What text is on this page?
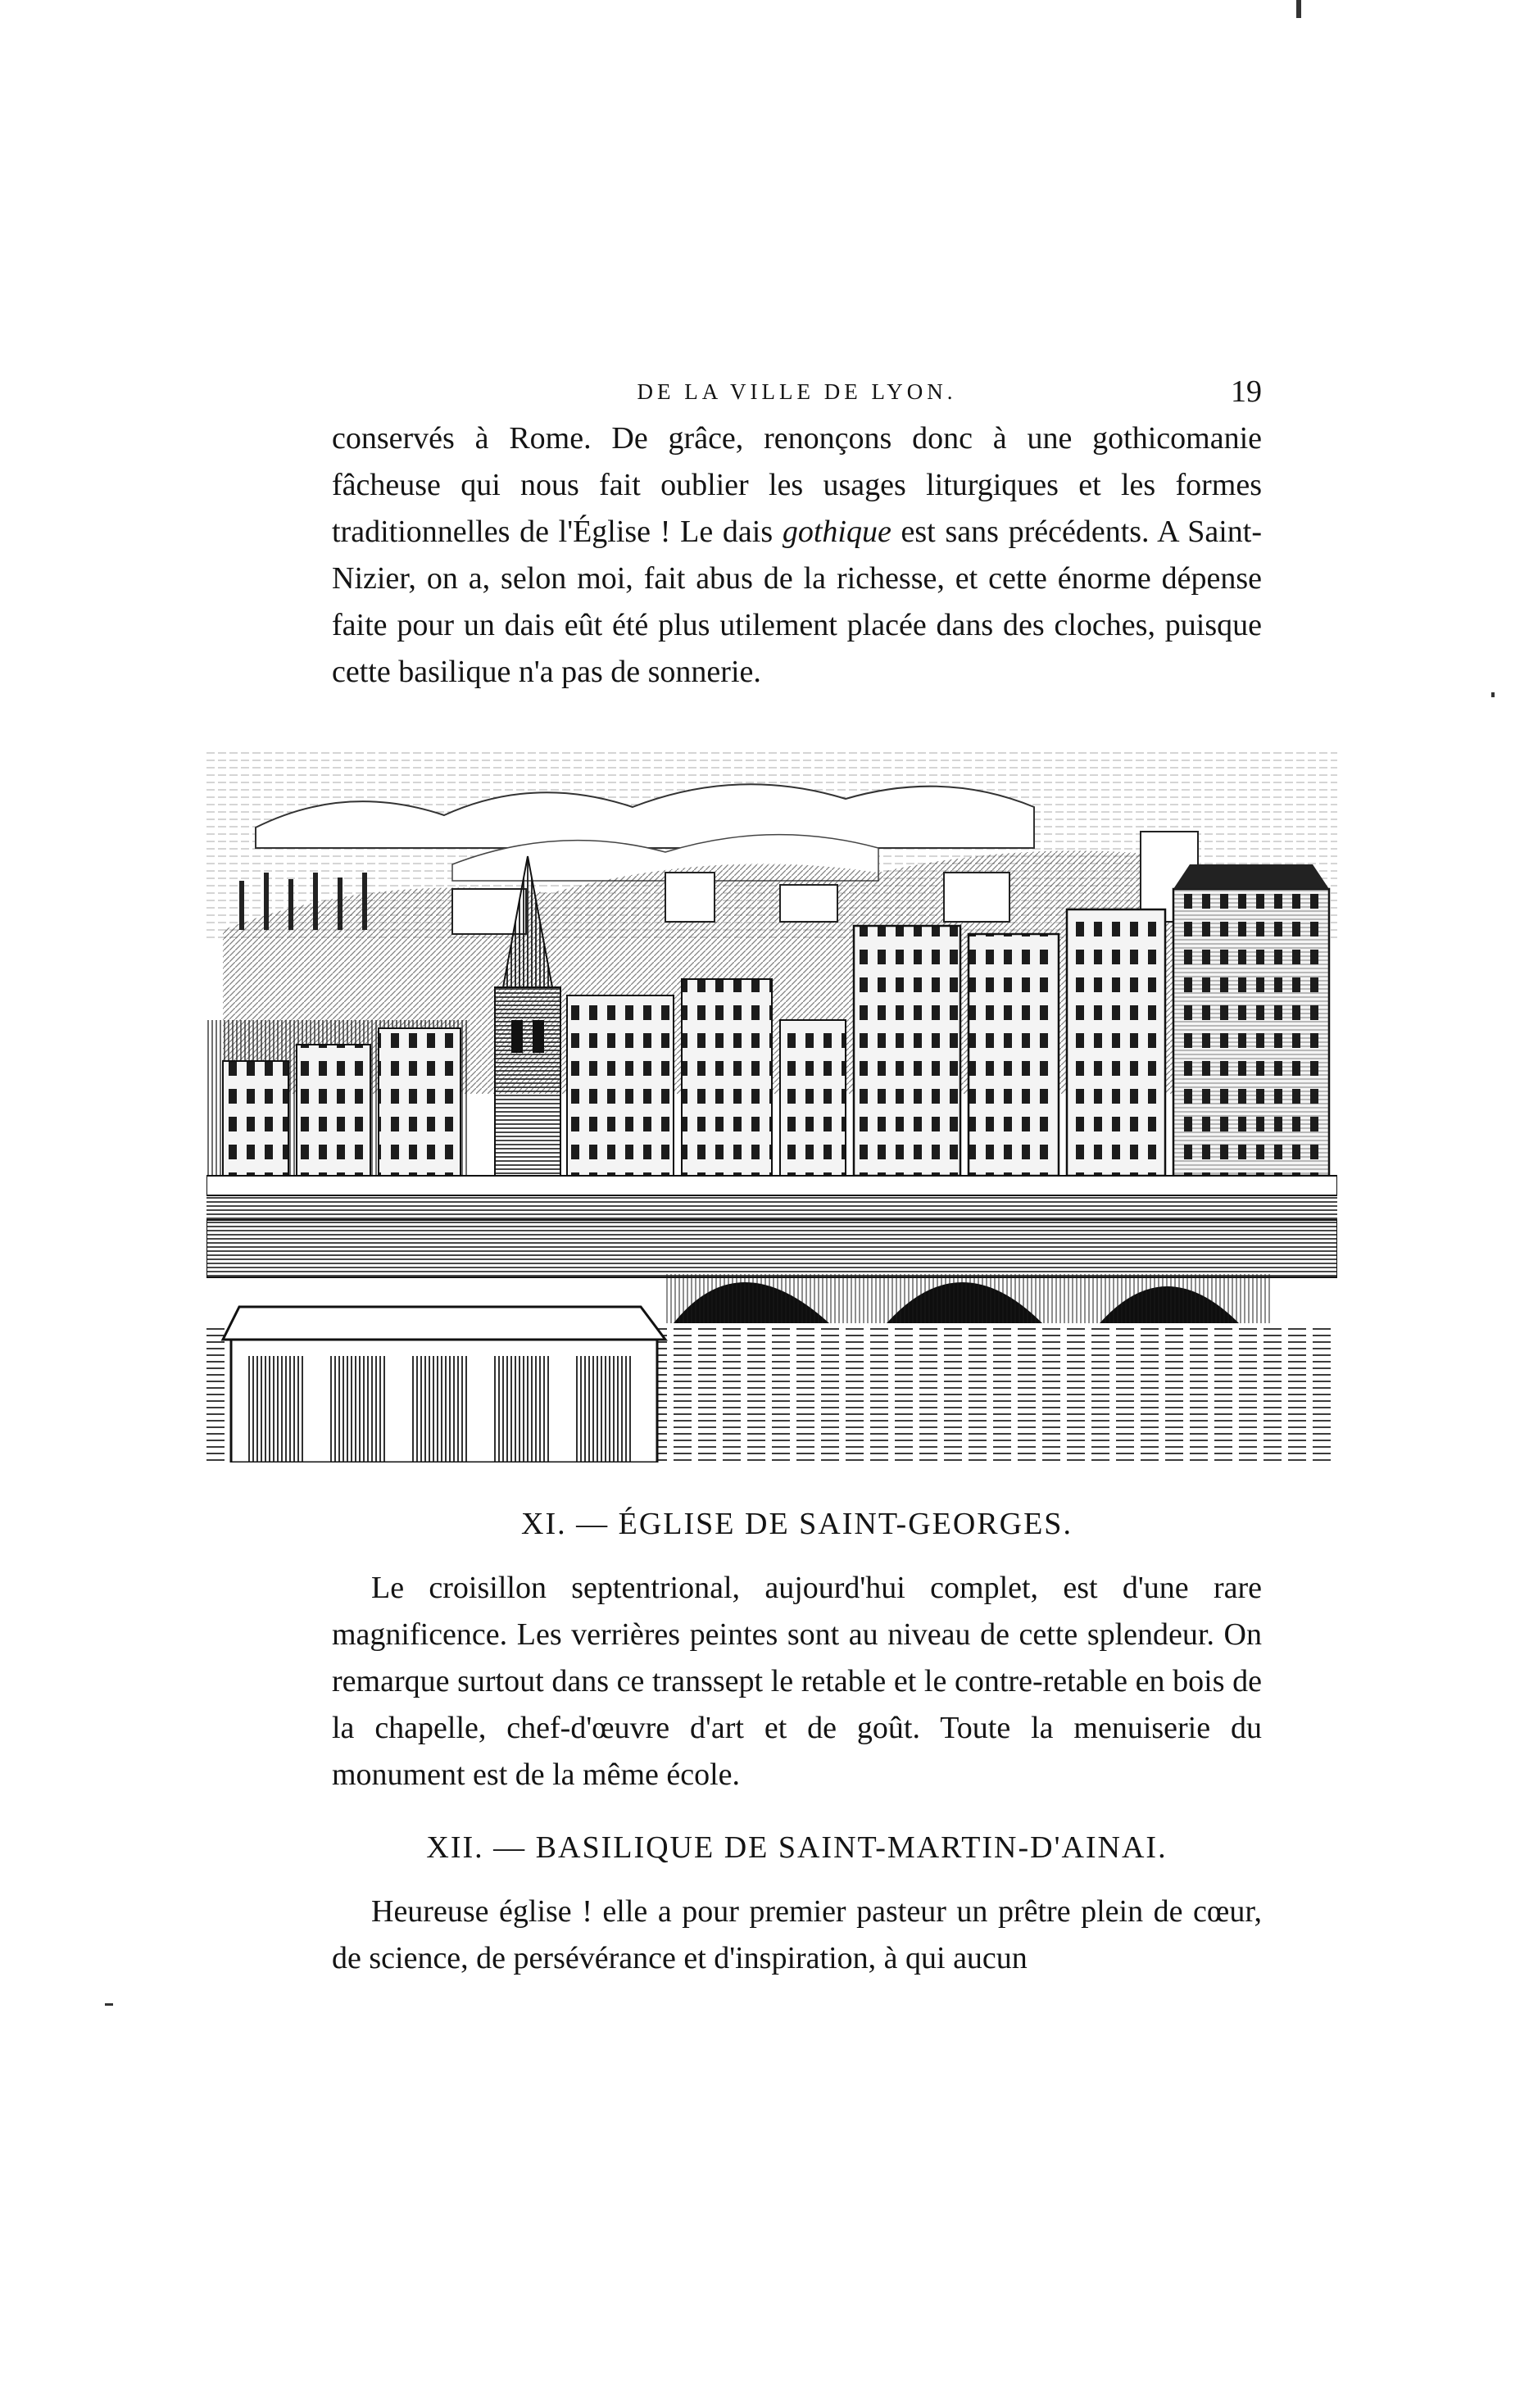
DE LA VILLE DE LYON.	19
conservés à Rome. De grâce, renonçons donc à une gothicomanie fâcheuse qui nous fait oublier les usages liturgiques et les formes traditionnelles de l'Église ! Le dais gothique est sans précédents. A Saint-Nizier, on a, selon moi, fait abus de la richesse, et cette énorme dépense faite pour un dais eût été plus utilement placée dans des cloches, puisque cette basilique n'a pas de sonnerie.
XI. — ÉGLISE DE SAINT-GEORGES.
Le croisillon septentrional, aujourd'hui complet, est d'une rare magnificence. Les verrières peintes sont au niveau de cette splendeur. On remarque surtout dans ce transsept le retable et le contre-retable en bois de la chapelle, chef-d'œuvre d'art et de goût. Toute la menuiserie du monument est de la même école.
XII. — BASILIQUE DE SAINT-MARTIN-D'AINAI.
Heureuse église ! elle a pour premier pasteur un prêtre plein de cœur, de science, de persévérance et d'inspiration, à qui aucun
